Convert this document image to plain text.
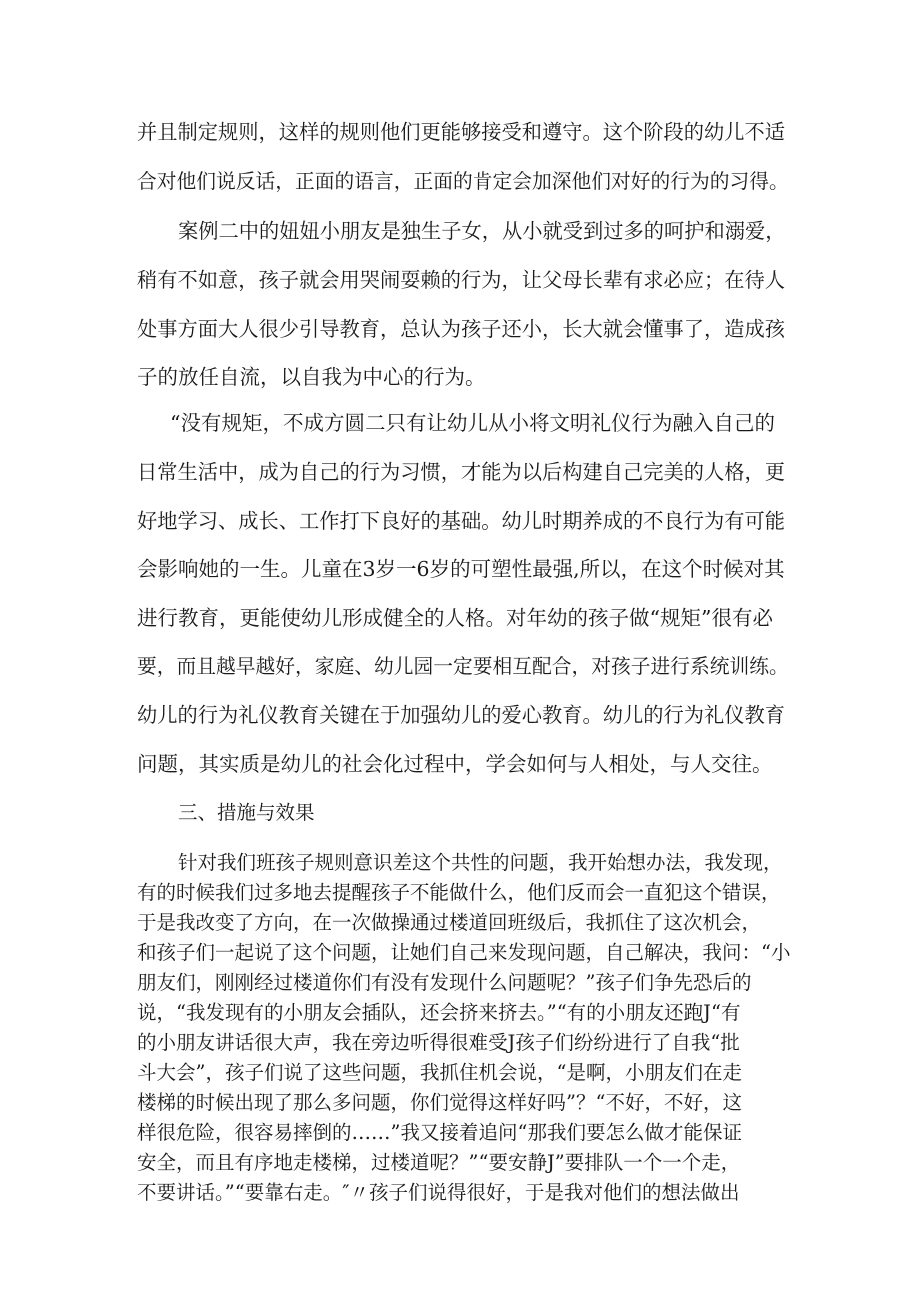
并且制定规则，这样的规则他们更能够接受和遵守。这个阶段的幼儿不适
合对他们说反话，正面的语言，正面的肯定会加深他们对好的行为的习得。
案例二中的妞妞小朋友是独生子女，从小就受到过多的呵护和溺爱，
稍有不如意，孩子就会用哭闹耍赖的行为，让父母长辈有求必应；在待人
处事方面大人很少引导教育，总认为孩子还小，长大就会懂事了，造成孩
子的放任自流，以自我为中心的行为。
“没有规矩，不成方圆二只有让幼儿从小将文明礼仪行为融入自己的
日常生活中，成为自己的行为习惯，才能为以后构建自己完美的人格，更
好地学习、成长、工作打下良好的基础。幼儿时期养成的不良行为有可能
会影响她的一生。儿童在3岁一6岁的可塑性最强,所以，在这个时候对其
进行教育，更能使幼儿形成健全的人格。对年幼的孩子做“规矩”很有必
要，而且越早越好，家庭、幼儿园一定要相互配合，对孩子进行系统训练。
幼儿的行为礼仪教育关键在于加强幼儿的爱心教育。幼儿的行为礼仪教育
问题，其实质是幼儿的社会化过程中，学会如何与人相处，与人交往。
三、措施与效果
针对我们班孩子规则意识差这个共性的问题，我开始想办法，我发现，
有的时候我们过多地去提醒孩子不能做什么，他们反而会一直犯这个错误，
于是我改变了方向，在一次做操通过楼道回班级后，我抓住了这次机会，
和孩子们一起说了这个问题，让她们自己来发现问题，自己解决，我问：“小
朋友们，刚刚经过楼道你们有没有发现什么问题呢？”孩子们争先恐后的
说，“我发现有的小朋友会插队，还会挤来挤去。”“有的小朋友还跑J“有
的小朋友讲话很大声，我在旁边听得很难受J孩子们纷纷进行了自我“批
斗大会”，孩子们说了这些问题，我抓住机会说，“是啊，小朋友们在走
楼梯的时候出现了那么多问题，你们觉得这样好吗”？“不好，不好，这
样很危险，很容易摔倒的……”我又接着追问“那我们要怎么做才能保证
安全，而且有序地走楼梯，过楼道呢？”“要安静J”要排队一个一个走，
不要讲话。”“要靠右走。″〃孩子们说得很好，于是我对他们的想法做出
